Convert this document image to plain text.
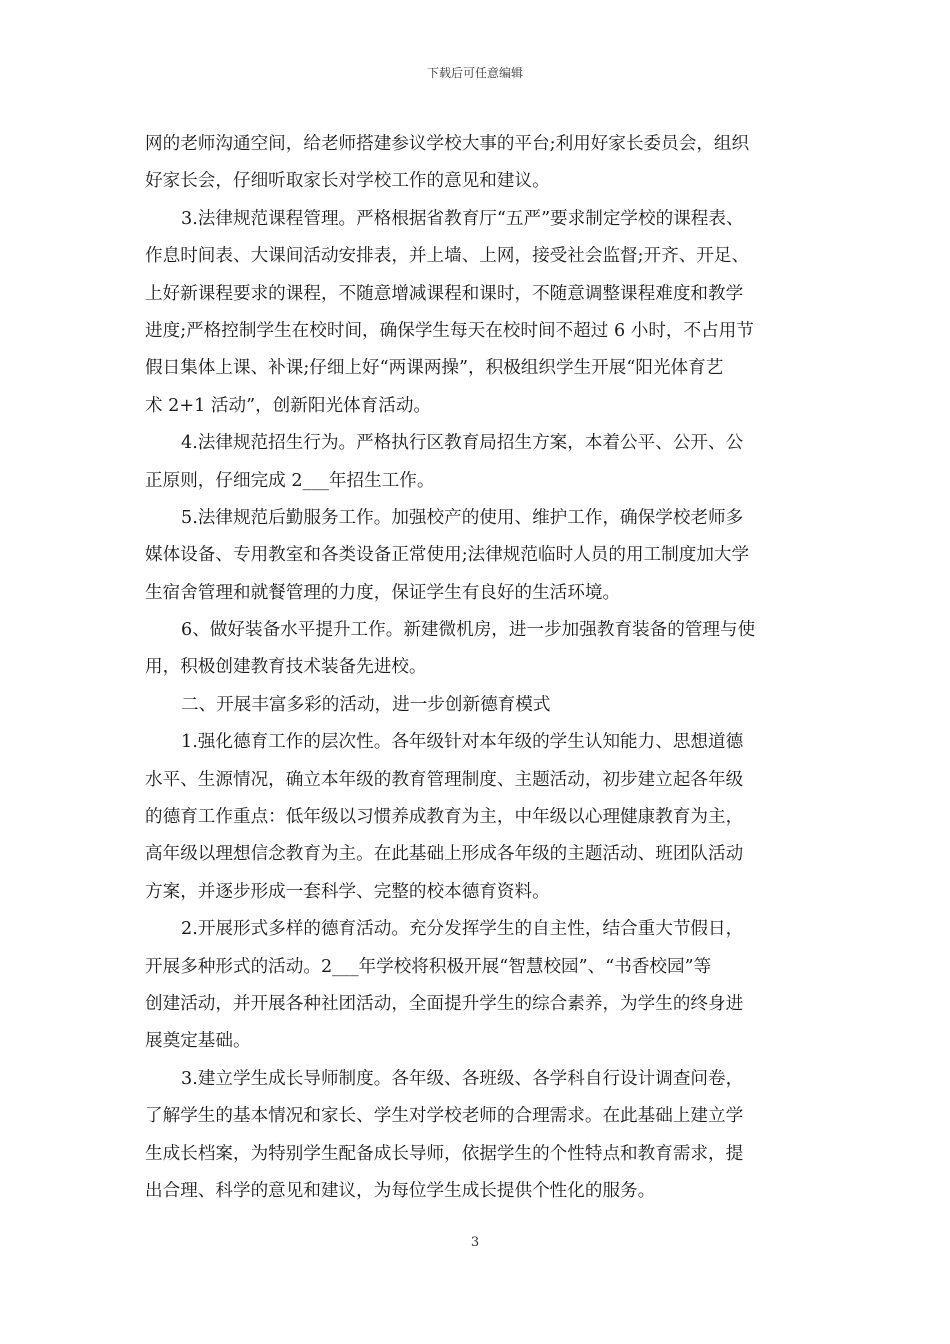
下载后可任意编辑
网的老师沟通空间，给老师搭建参议学校大事的平台;利用好家长委员会，组织
好家长会，仔细听取家长对学校工作的意见和建议。
3.法律规范课程管理。严格根据省教育厅“五严”要求制定学校的课程表、
作息时间表、大课间活动安排表，并上墙、上网，接受社会监督;开齐、开足、
上好新课程要求的课程，不随意增减课程和课时，不随意调整课程难度和教学
进度;严格控制学生在校时间，确保学生每天在校时间不超过 6 小时，不占用节
假日集体上课、补课;仔细上好“两课两操”，积极组织学生开展“阳光体育艺
术 2+1 活动”，创新阳光体育活动。
4.法律规范招生行为。严格执行区教育局招生方案，本着公平、公开、公
正原则，仔细完成 2___年招生工作。
5.法律规范后勤服务工作。加强校产的使用、维护工作，确保学校老师多
媒体设备、专用教室和各类设备正常使用;法律规范临时人员的用工制度加大学
生宿舍管理和就餐管理的力度，保证学生有良好的生活环境。
6、做好装备水平提升工作。新建微机房，进一步加强教育装备的管理与使
用，积极创建教育技术装备先进校。
二、开展丰富多彩的活动，进一步创新德育模式
1.强化德育工作的层次性。各年级针对本年级的学生认知能力、思想道德
水平、生源情况，确立本年级的教育管理制度、主题活动，初步建立起各年级
的德育工作重点：低年级以习惯养成教育为主，中年级以心理健康教育为主，
高年级以理想信念教育为主。在此基础上形成各年级的主题活动、班团队活动
方案，并逐步形成一套科学、完整的校本德育资料。
2.开展形式多样的德育活动。充分发挥学生的自主性，结合重大节假日，
开展多种形式的活动。2___年学校将积极开展“智慧校园”、“书香校园”等
创建活动，并开展各种社团活动，全面提升学生的综合素养，为学生的终身进
展奠定基础。
3.建立学生成长导师制度。各年级、各班级、各学科自行设计调查问卷，
了解学生的基本情况和家长、学生对学校老师的合理需求。在此基础上建立学
生成长档案，为特别学生配备成长导师，依据学生的个性特点和教育需求，提
出合理、科学的意见和建议，为每位学生成长提供个性化的服务。
3
